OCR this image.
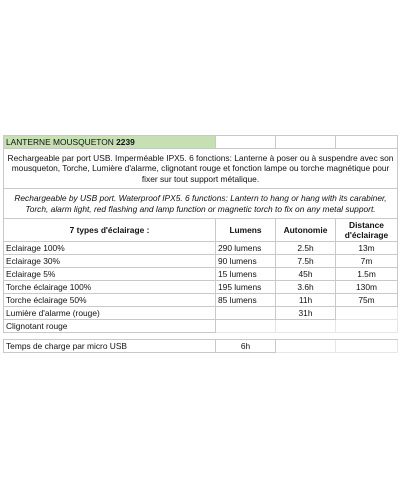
LANTERNE MOUSQUETON 2239			
Rechargeable par port USB. Imperméable IPX5. 6 fonctions: Lanterne à poser ou à suspendre avec son mousqueton, Torche, Lumière d'alarme, clignotant rouge et fonction lampe ou torche magnétique pour fixer sur tout support métalique.			
Rechargeable by USB port. Waterproof IPX5. 6 functions: Lantern to hang or hang with its carabiner, Torch, alarm light, red flashing and lamp function or magnetic torch to fix on any metal support.			
7 types d'éclairage :	Lumens	Autonomie	Distance d'éclairage
Eclairage 100%	290 lumens	2.5h	13m
Eclairage 30%	90 lumens	7.5h	7m
Eclairage 5%	15 lumens	45h	1.5m
Torche éclairage 100%	195 lumens	3.6h	130m
Torche éclairage 50%	85 lumens	11h	75m
Lumière d'alarme (rouge)		31h	
Clignotant rouge			

Temps de charge par micro USB	6h		
